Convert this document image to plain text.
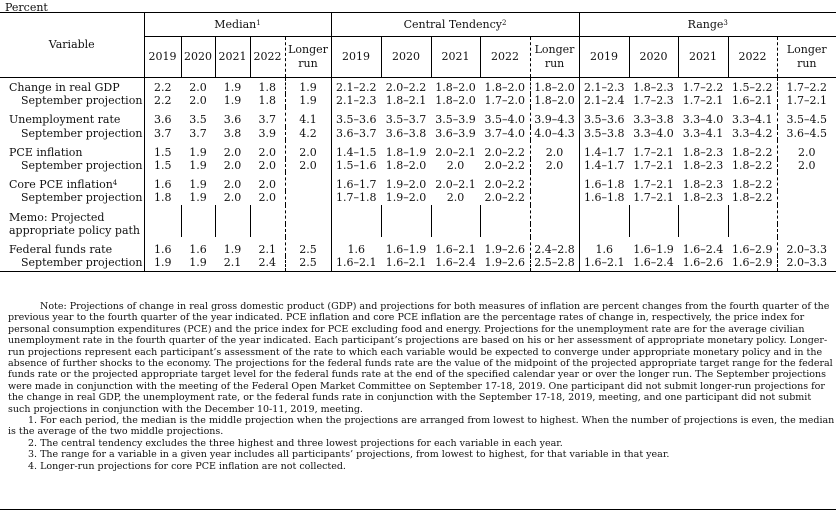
Percent
Variable	Median$^1$					Central Tendency$^2$					Range$^3$
	2019	2020	2021	2022	Longer run	2019	2020	2021	2022	Longer run	2019	2020	2021	2022	Longer run
Change in real GDP	2.2	2.0	1.9	1.8	1.9	2.1–2.2	2.0–2.2	1.8–2.0	1.8–2.0	1.8–2.0	2.1–2.3	1.8–2.3	1.7–2.2	1.5–2.2	1.7–2.2
September projection	2.2	2.0	1.9	1.8	1.9	2.1–2.3	1.8–2.1	1.8–2.0	1.7–2.0	1.8–2.0	2.1–2.4	1.7–2.3	1.7–2.1	1.6–2.1	1.7–2.1
Unemployment rate	3.6	3.5	3.6	3.7	4.1	3.5–3.6	3.5–3.7	3.5–3.9	3.5–4.0	3.9–4.3	3.5–3.6	3.3–3.8	3.3–4.0	3.3–4.1	3.5–4.5
September projection	3.7	3.7	3.8	3.9	4.2	3.6–3.7	3.6–3.8	3.6–3.9	3.7–4.0	4.0–4.3	3.5–3.8	3.3–4.0	3.3–4.1	3.3–4.2	3.6–4.5
PCE inflation	1.5	1.9	2.0	2.0	2.0	1.4–1.5	1.8–1.9	2.0–2.1	2.0–2.2	2.0	1.4–1.7	1.7–2.1	1.8–2.3	1.8–2.2	2.0
September projection	1.5	1.9	2.0	2.0	2.0	1.5–1.6	1.8–2.0	2.0	2.0–2.2	2.0	1.4–1.7	1.7–2.1	1.8–2.3	1.8–2.2	2.0
Core PCE inflation$^4$	1.6	1.9	2.0	2.0		1.6–1.7	1.9–2.0	2.0–2.1	2.0–2.2		1.6–1.8	1.7–2.1	1.8–2.3	1.8–2.2	
September projection	1.8	1.9	2.0	2.0		1.7–1.8	1.9–2.0	2.0	2.0–2.2		1.6–1.8	1.7–2.1	1.8–2.3	1.8–2.2	
Memo: Projected															
appropriate policy path															
Federal funds rate	1.6	1.6	1.9	2.1	2.5	1.6	1.6–1.9	1.6–2.1	1.9–2.6	2.4–2.8	1.6	1.6–1.9	1.6–2.4	1.6–2.9	2.0–3.3
September projection	1.9	1.9	2.1	2.4	2.5	1.6–2.1	1.6–2.1	1.6–2.4	1.9–2.6	2.5–2.8	1.6–2.1	1.6–2.4	1.6–2.6	1.6–2.9	2.0–3.3

Note: Projections of change in real gross domestic product (GDP) and projections for both measures of inflation are percent changes from the fourth quarter of the previous year to the fourth quarter of the year indicated. PCE inflation and core PCE inflation are the percentage rates of change in, respectively, the price index for personal consumption expenditures (PCE) and the price index for PCE excluding food and energy. Projections for the unemployment rate are for the average civilian unemployment rate in the fourth quarter of the year indicated. Each participant’s projections are based on his or her assessment of appropriate monetary policy. Longer-run projections represent each participant’s assessment of the rate to which each variable would be expected to converge under appropriate monetary policy and in the absence of further shocks to the economy. The projections for the federal funds rate are the value of the midpoint of the projected appropriate target range for the federal funds rate or the projected appropriate target level for the federal funds rate at the end of the specified calendar year or over the longer run. The September projections were made in conjunction with the meeting of the Federal Open Market Committee on September 17-18, 2019. One participant did not submit longer-run projections for the change in real GDP, the unemployment rate, or the federal funds rate in conjunction with the September 17-18, 2019, meeting, and one participant did not submit such projections in conjunction with the December 10-11, 2019, meeting.

1. For each period, the median is the middle projection when the projections are arranged from lowest to highest. When the number of projections is even, the median is the average of the two middle projections.

2. The central tendency excludes the three highest and three lowest projections for each variable in each year.

3. The range for a variable in a given year includes all participants’ projections, from lowest to highest, for that variable in that year.

4. Longer-run projections for core PCE inflation are not collected.
